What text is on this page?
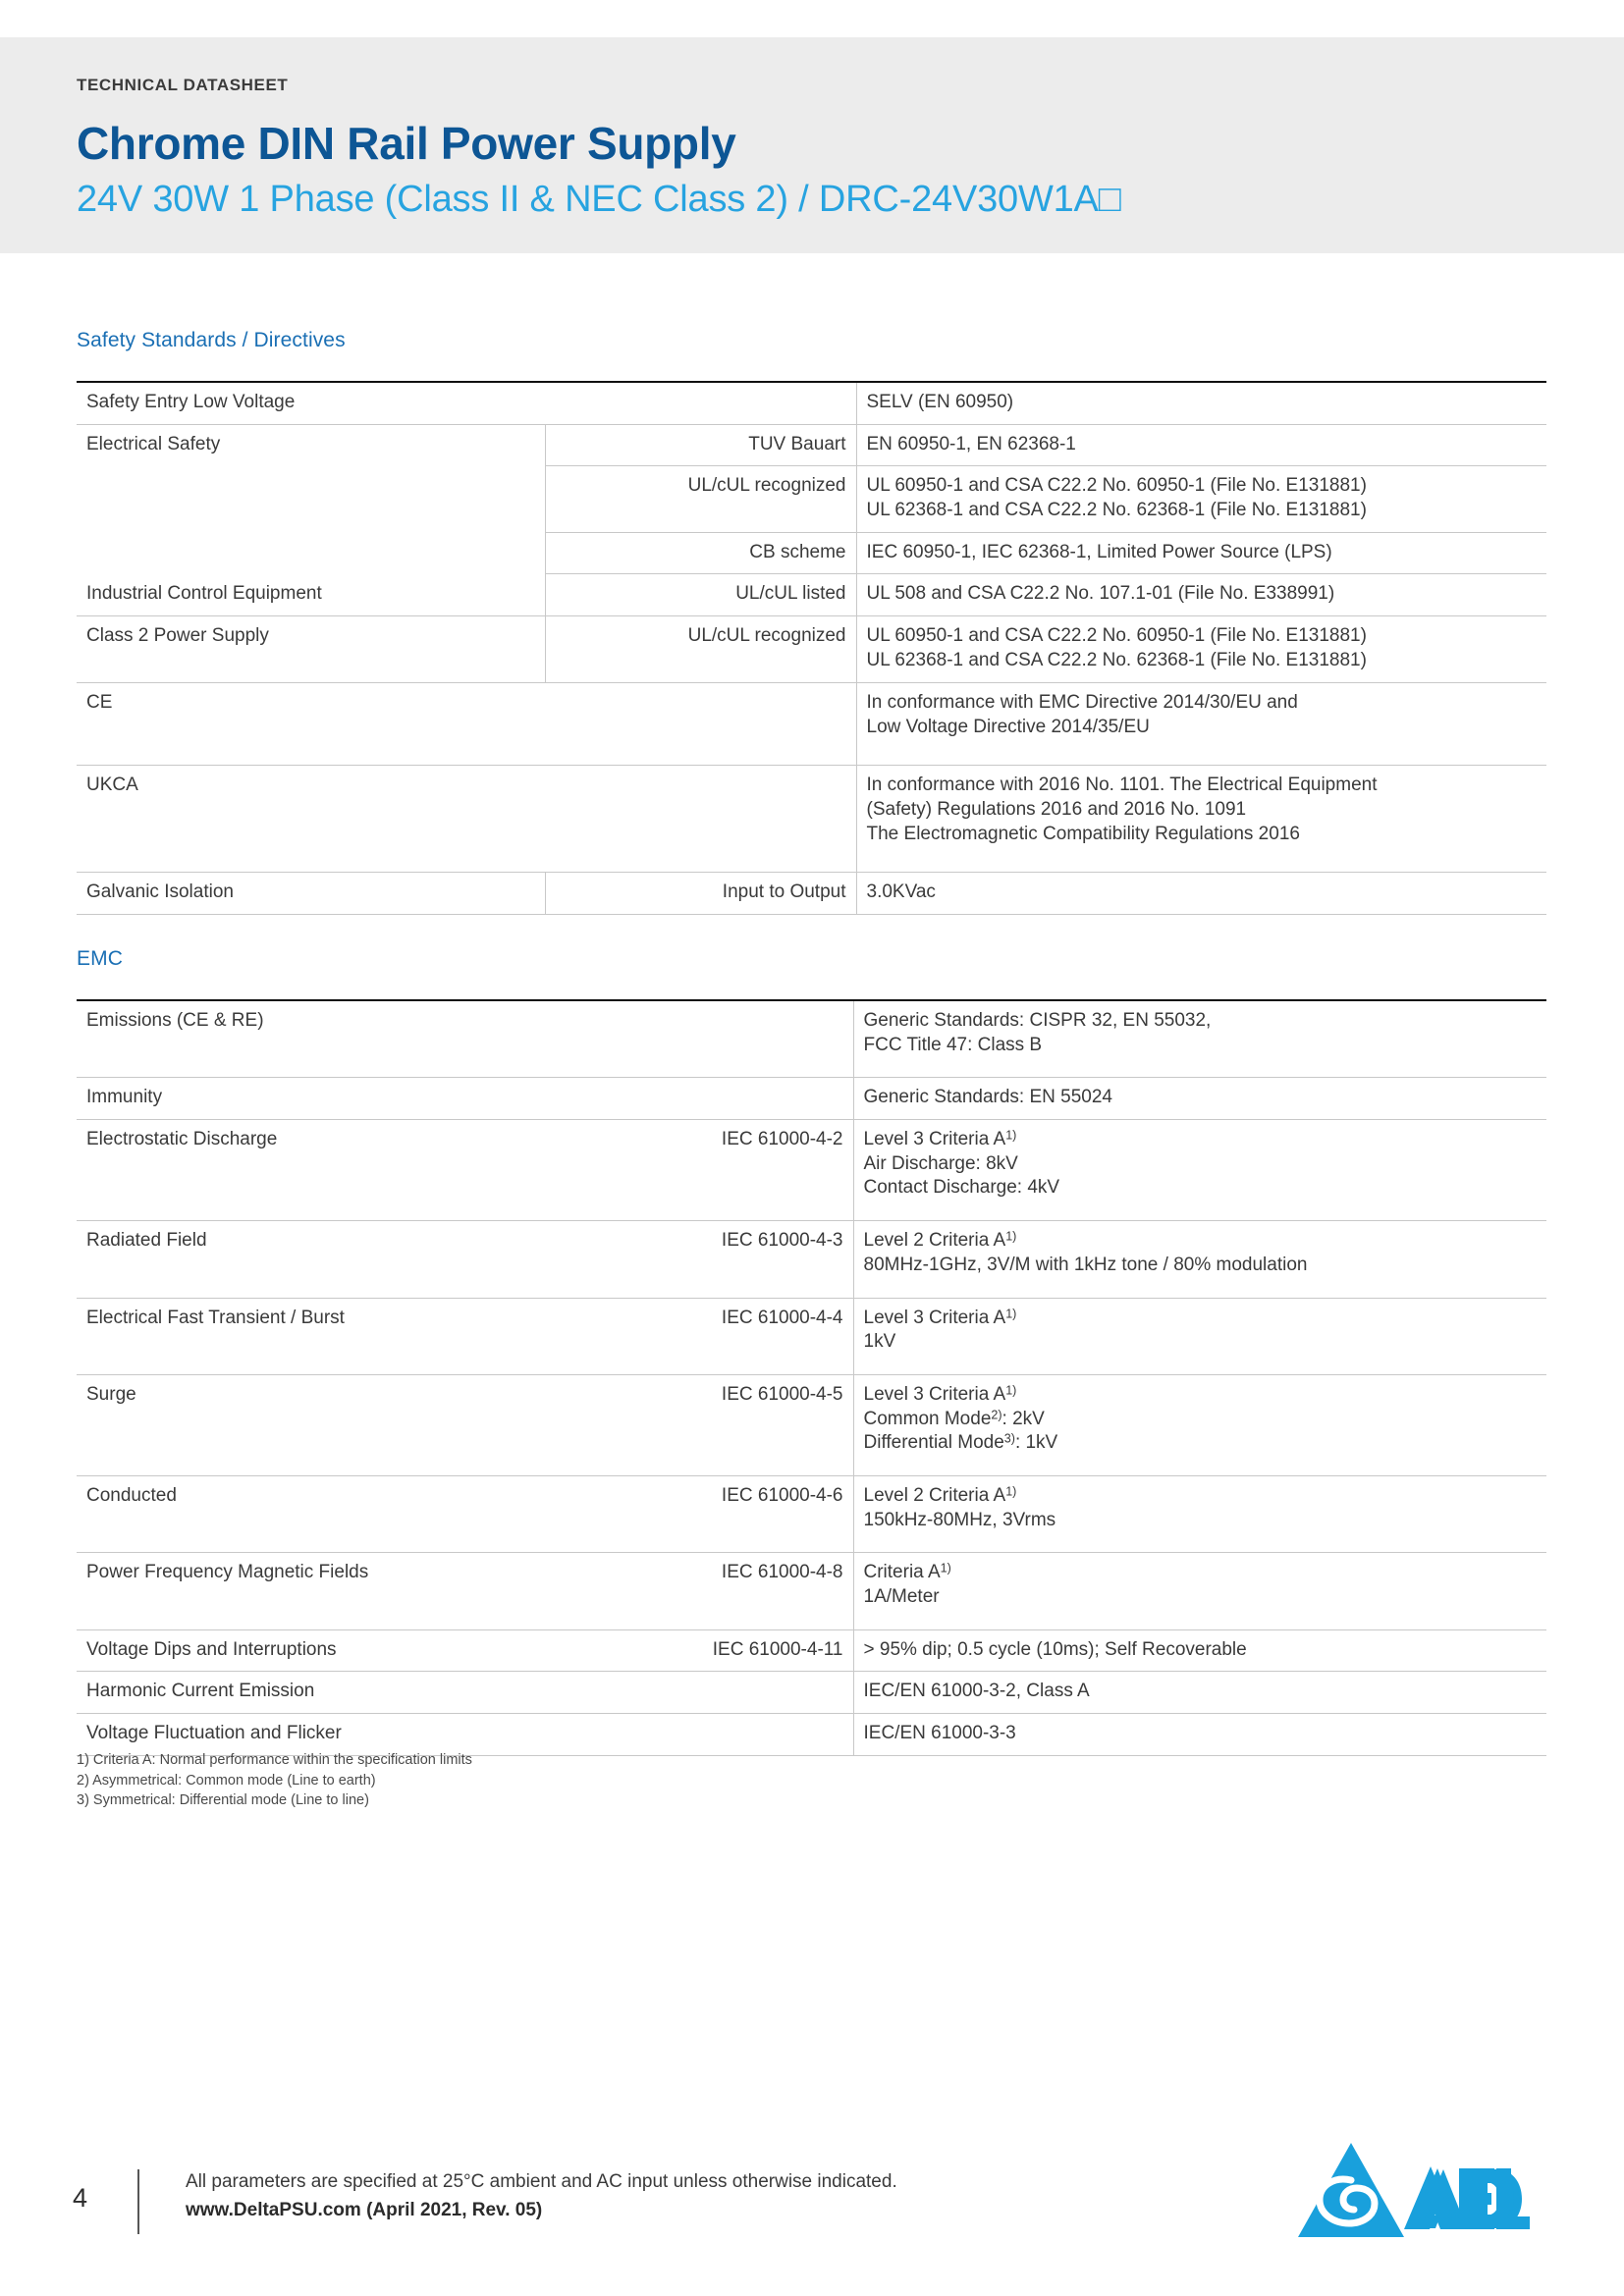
TECHNICAL DATASHEET
Chrome DIN Rail Power Supply
24V 30W 1 Phase (Class II & NEC Class 2) / DRC-24V30W1A□
Safety Standards / Directives
Safety Entry Low Voltage		SELV (EN 60950)

Electrical Safety	TUV Bauart	EN 60950-1, EN 62368-1

	UL/cUL recognized	UL 60950-1 and CSA C22.2 No. 60950-1 (File No. E131881)
UL 62368-1 and CSA C22.2 No. 62368-1 (File No. E131881)

	CB scheme	IEC 60950-1, IEC 62368-1, Limited Power Source (LPS)

Industrial Control Equipment	UL/cUL listed	UL 508 and CSA C22.2 No. 107.1-01 (File No. E338991)

Class 2 Power Supply	UL/cUL recognized	UL 60950-1 and CSA C22.2 No. 60950-1 (File No. E131881)
UL 62368-1 and CSA C22.2 No. 62368-1 (File No. E131881)

CE		In conformance with EMC Directive 2014/30/EU and
Low Voltage Directive 2014/35/EU

UKCA		In conformance with 2016 No. 1101. The Electrical Equipment
(Safety) Regulations 2016 and 2016 No. 1091
The Electromagnetic Compatibility Regulations 2016

Galvanic Isolation	Input to Output	3.0KVac
EMC
Emissions (CE & RE)		Generic Standards: CISPR 32, EN 55032,
FCC Title 47: Class B

Immunity		Generic Standards: EN 55024

Electrostatic Discharge	IEC 61000-4-2	Level 3 Criteria $A^{1)}$
Air Discharge: 8kV
Contact Discharge: 4kV

Radiated Field	IEC 61000-4-3	Level 2 Criteria $A^{1)}$
80MHz-1GHz, 3V/M with 1kHz tone / 80% modulation

Electrical Fast Transient / Burst	IEC 61000-4-4	Level 3 Criteria $A^{1)}$
1kV

Surge	IEC 61000-4-5	Level 3 Criteria $A^{1)}$
Common Mode$^{2)}$: 2kV
Differential Mode$^{3)}$: 1kV

Conducted	IEC 61000-4-6	Level 2 Criteria $A^{1)}$
150kHz-80MHz, 3Vrms

Power Frequency Magnetic Fields	IEC 61000-4-8	Criteria $A^{1)}$
1A/Meter

Voltage Dips and Interruptions	IEC 61000-4-11	> 95% dip; 0.5 cycle (10ms); Self Recoverable

Harmonic Current Emission		IEC/EN 61000-3-2, Class A

Voltage Fluctuation and Flicker		IEC/EN 61000-3-3
1) Criteria A: Normal performance within the specification limits
2) Asymmetrical: Common mode (Line to earth)
3) Symmetrical: Differential mode (Line to line)
4
All parameters are specified at 25°C ambient and AC input unless otherwise indicated.
www.DeltaPSU.com (April 2021, Rev. 05)
